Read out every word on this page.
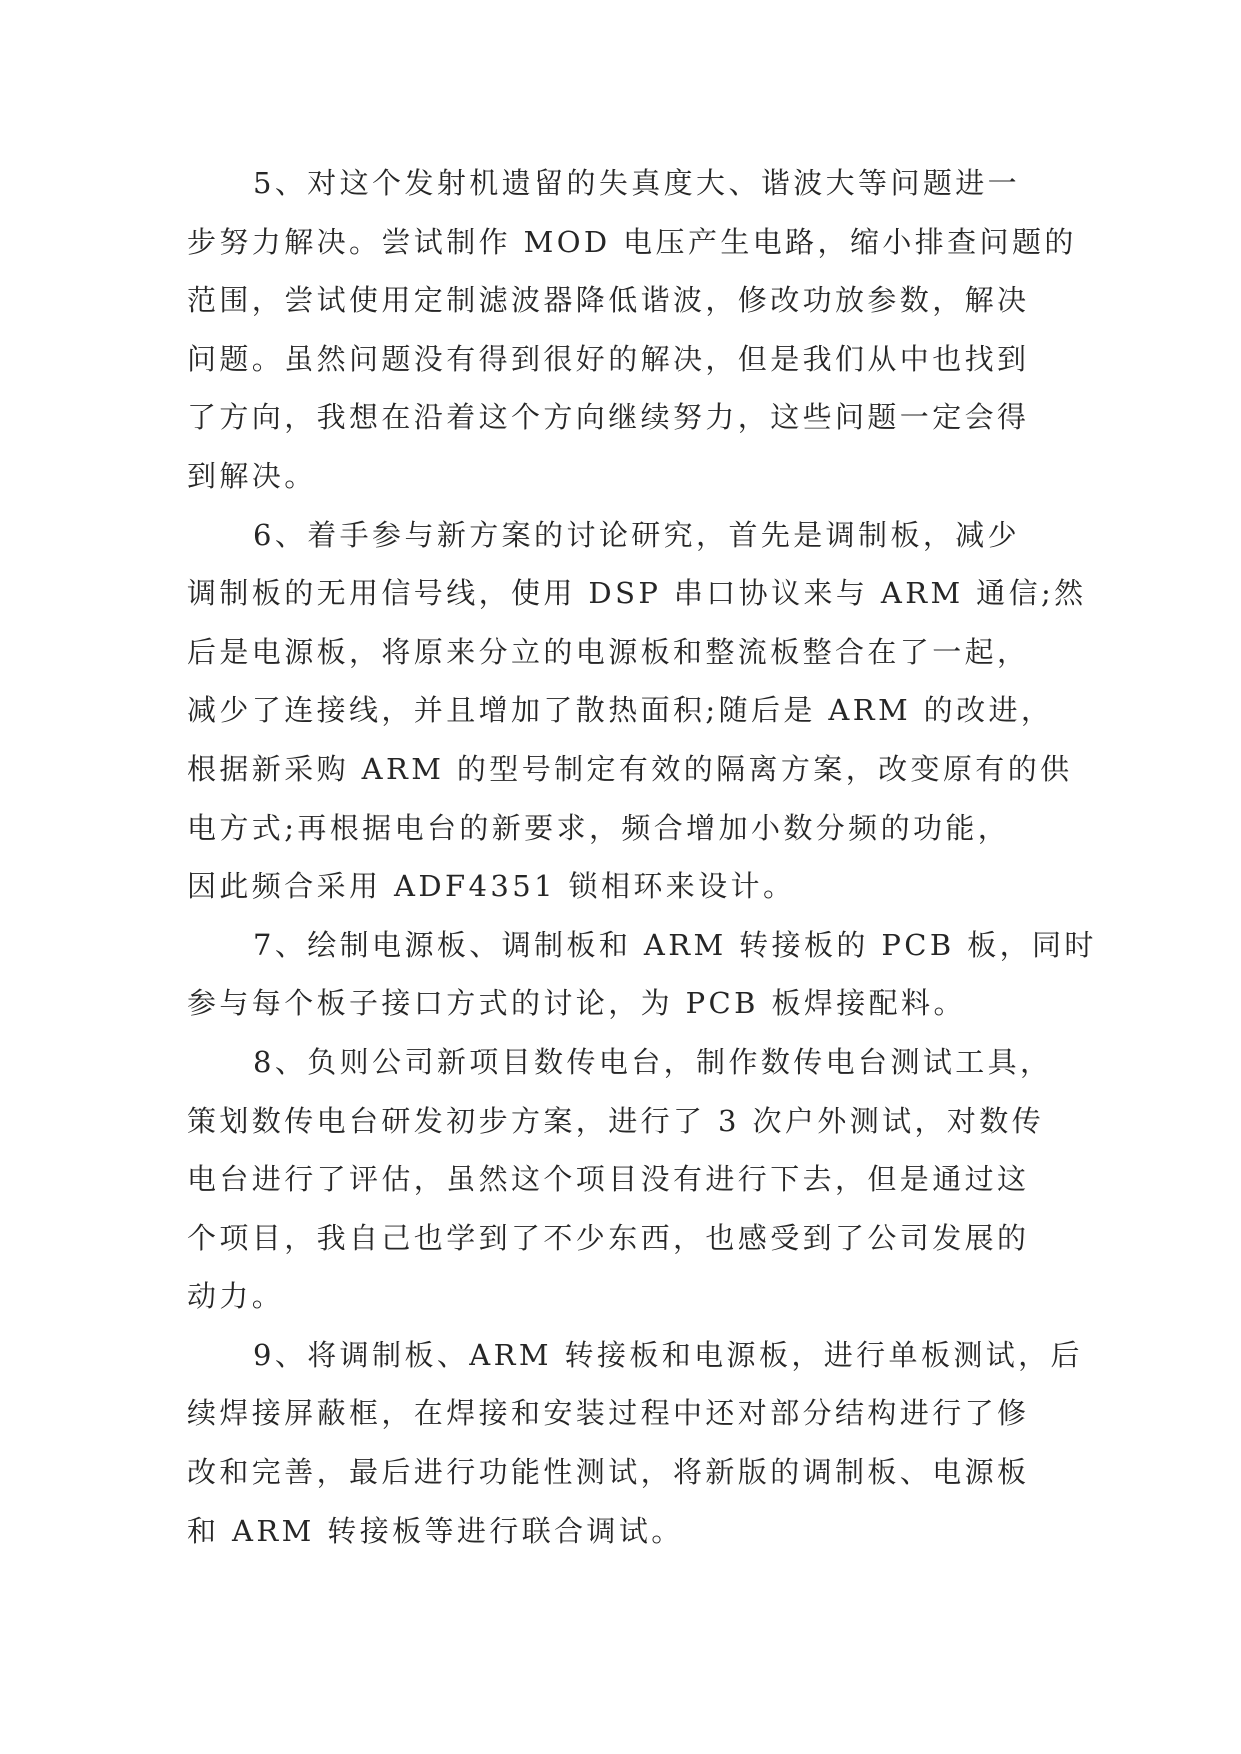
5、对这个发射机遗留的失真度大、谐波大等问题进一
步努力解决。尝试制作 MOD 电压产生电路，缩小排查问题的
范围，尝试使用定制滤波器降低谐波，修改功放参数，解决
问题。虽然问题没有得到很好的解决，但是我们从中也找到
了方向，我想在沿着这个方向继续努力，这些问题一定会得
到解决。
6、着手参与新方案的讨论研究，首先是调制板，减少
调制板的无用信号线，使用 DSP 串口协议来与 ARM 通信;然
后是电源板，将原来分立的电源板和整流板整合在了一起，
减少了连接线，并且增加了散热面积;随后是 ARM 的改进，
根据新采购 ARM 的型号制定有效的隔离方案，改变原有的供
电方式;再根据电台的新要求，频合增加小数分频的功能，
因此频合采用 ADF4351 锁相环来设计。
7、绘制电源板、调制板和 ARM 转接板的 PCB 板，同时
参与每个板子接口方式的讨论，为 PCB 板焊接配料。
8、负则公司新项目数传电台，制作数传电台测试工具，
策划数传电台研发初步方案，进行了 3 次户外测试，对数传
电台进行了评估，虽然这个项目没有进行下去，但是通过这
个项目，我自己也学到了不少东西，也感受到了公司发展的
动力。
9、将调制板、ARM 转接板和电源板，进行单板测试，后
续焊接屏蔽框，在焊接和安装过程中还对部分结构进行了修
改和完善，最后进行功能性测试，将新版的调制板、电源板
和 ARM 转接板等进行联合调试。
